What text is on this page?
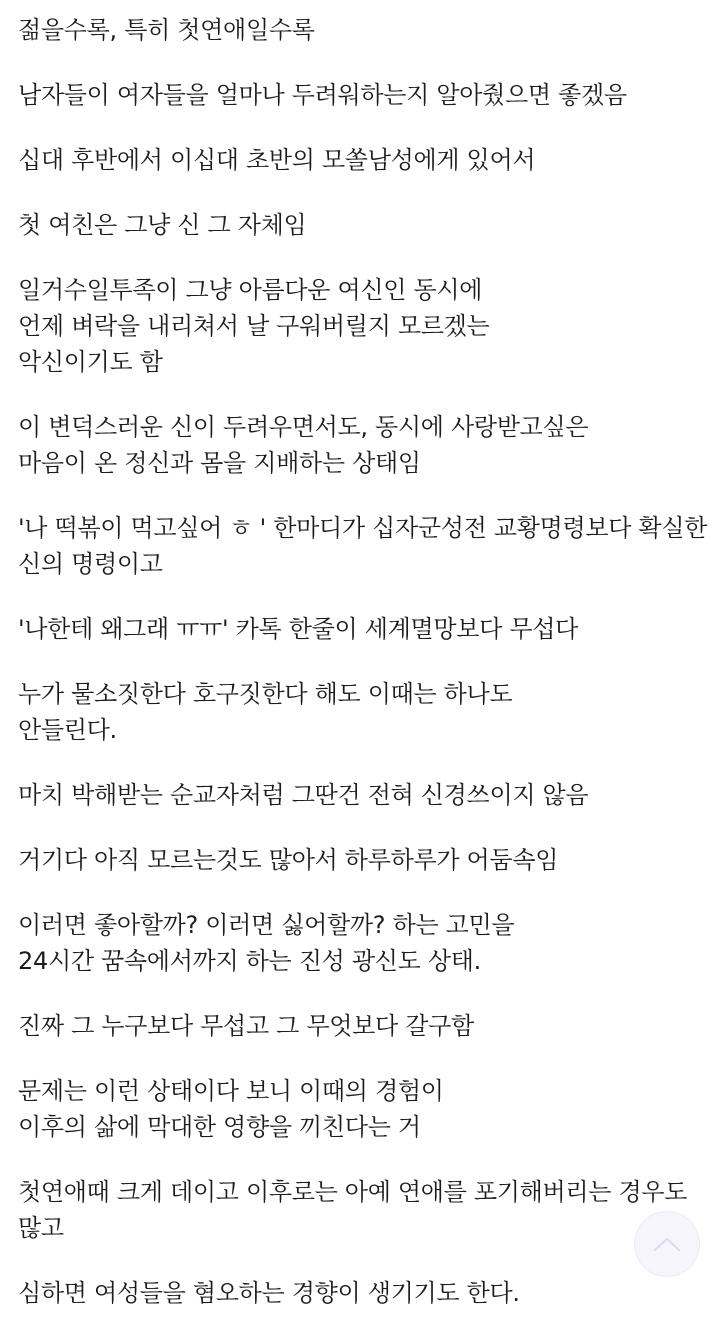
젊을수록, 특히 첫연애일수록

남자들이 여자들을 얼마나 두려워하는지 알아줬으면 좋겠음

십대 후반에서 이십대 초반의 모쏠남성에게 있어서

첫 여친은 그냥 신 그 자체임

일거수일투족이 그냥 아름다운 여신인 동시에
언제 벼락을 내리쳐서 날 구워버릴지 모르겠는
악신이기도 함

이 변덕스러운 신이 두려우면서도, 동시에 사랑받고싶은
마음이 온 정신과 몸을 지배하는 상태임

'나 떡볶이 먹고싶어 ㅎ ' 한마디가 십자군성전 교황명령보다 확실한
신의 명령이고

'나한테 왜그래 ㅠㅠ' 카톡 한줄이 세계멸망보다 무섭다

누가 물소짓한다 호구짓한다 해도 이때는 하나도
안들린다.

마치 박해받는 순교자처럼 그딴건 전혀 신경쓰이지 않음

거기다 아직 모르는것도 많아서 하루하루가 어둠속임

이러면 좋아할까? 이러면 싫어할까? 하는 고민을
24시간 꿈속에서까지 하는 진성 광신도 상태.

진짜 그 누구보다 무섭고 그 무엇보다 갈구함

문제는 이런 상태이다 보니 이때의 경험이
이후의 삶에 막대한 영향을 끼친다는 거

첫연애때 크게 데이고 이후로는 아예 연애를 포기해버리는 경우도
많고

심하면 여성들을 혐오하는 경향이 생기기도 한다.
